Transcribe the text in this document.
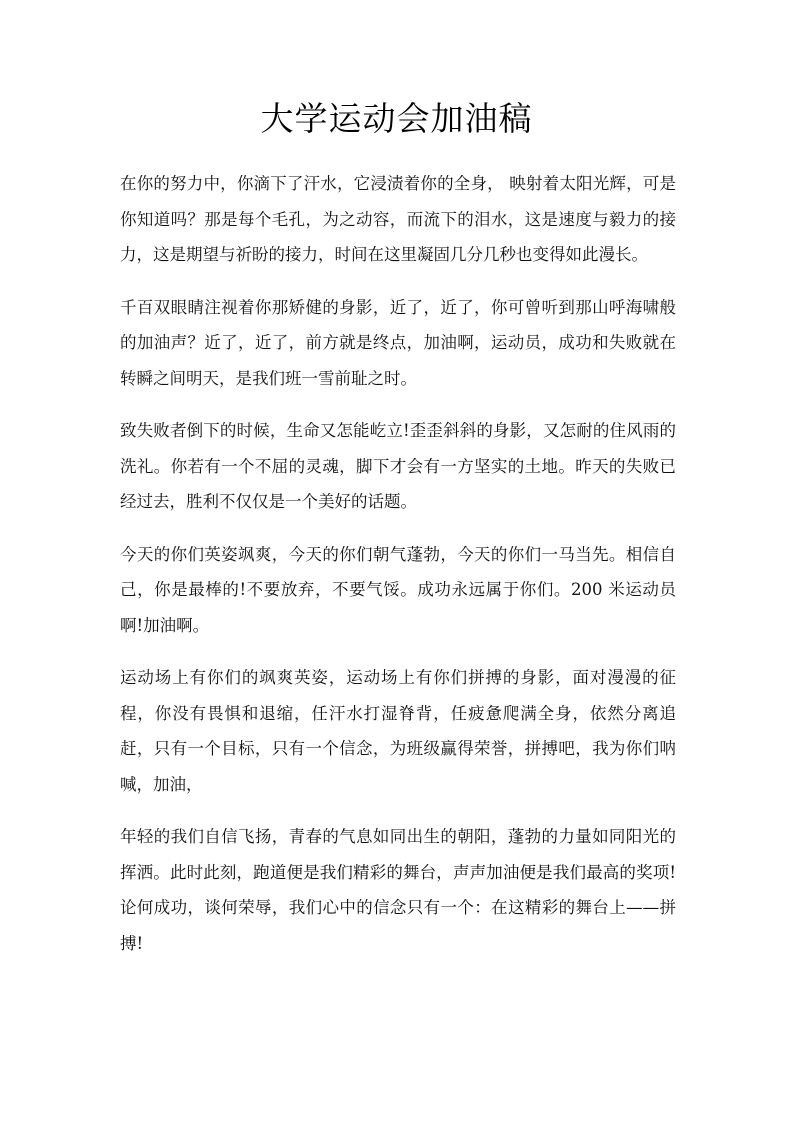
大学运动会加油稿

在你的努力中，你滴下了汗水，它浸渍着你的全身， 映射着太阳光辉，可是你知道吗？那是每个毛孔，为之动容，而流下的泪水，这是速度与毅力的接力，这是期望与祈盼的接力，时间在这里凝固几分几秒也变得如此漫长。

千百双眼睛注视着你那矫健的身影，近了，近了，你可曾听到那山呼海啸般的加油声？近了，近了，前方就是终点，加油啊，运动员，成功和失败就在转瞬之间明天，是我们班一雪前耻之时。

致失败者倒下的时候，生命又怎能屹立!歪歪斜斜的身影，又怎耐的住风雨的洗礼。你若有一个不屈的灵魂，脚下才会有一方坚实的土地。昨天的失败已经过去，胜利不仅仅是一个美好的话题。

今天的你们英姿飒爽，今天的你们朝气蓬勃，今天的你们一马当先。相信自己，你是最棒的!不要放弃，不要气馁。成功永远属于你们。200 米运动员啊!加油啊。

运动场上有你们的飒爽英姿，运动场上有你们拼搏的身影，面对漫漫的征程，你没有畏惧和退缩，任汗水打湿脊背，任疲惫爬满全身，依然分离追赶，只有一个目标，只有一个信念，为班级赢得荣誉，拼搏吧，我为你们呐喊，加油，

年轻的我们自信飞扬，青春的气息如同出生的朝阳，蓬勃的力量如同阳光的挥洒。此时此刻，跑道便是我们精彩的舞台，声声加油便是我们最高的奖项!论何成功，谈何荣辱，我们心中的信念只有一个：在这精彩的舞台上——拼搏!
